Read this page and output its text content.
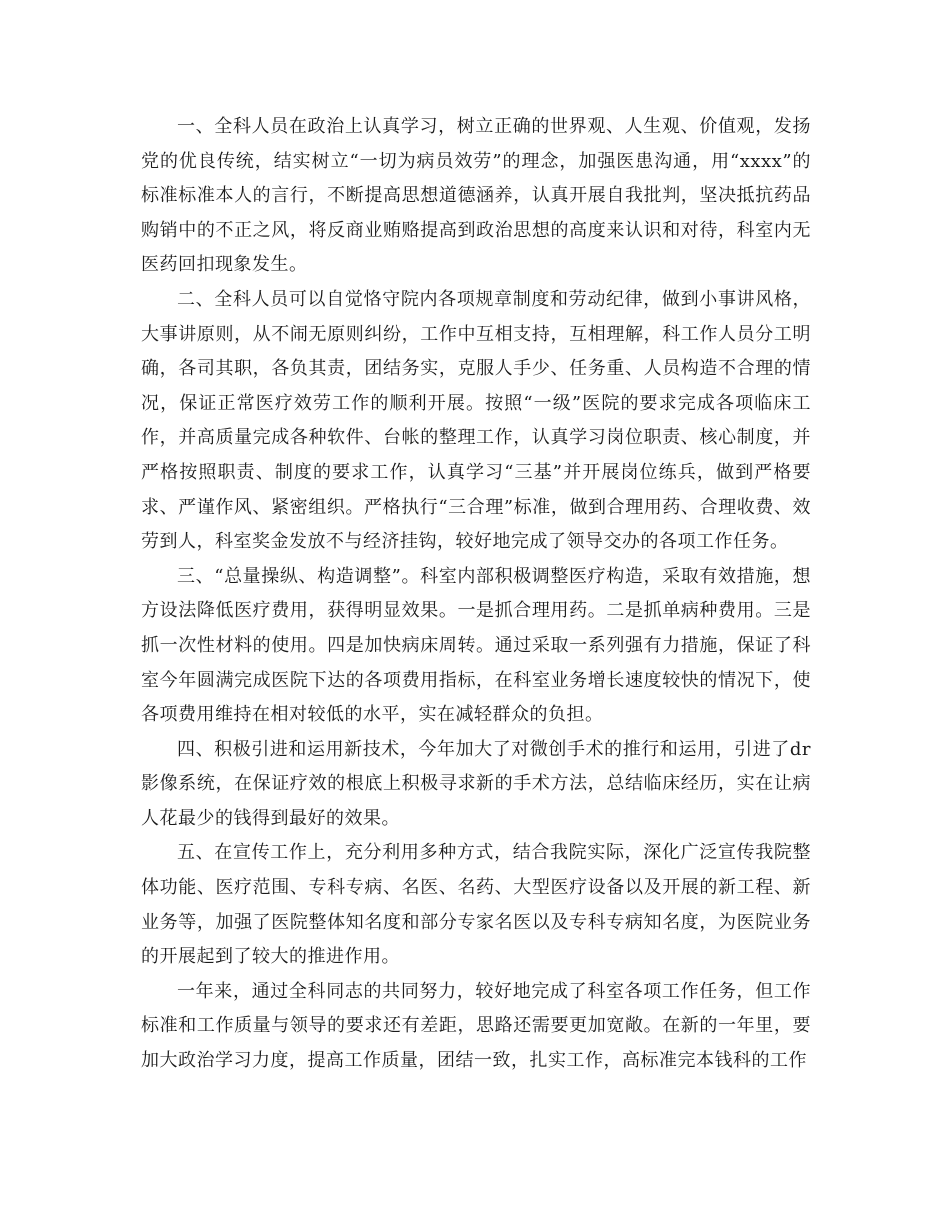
一、全科人员在政治上认真学习，树立正确的世界观、人生观、价值观，发扬党的优良传统，结实树立“一切为病员效劳”的理念，加强医患沟通，用“xxxx”的标准标准本人的言行，不断提高思想道德涵养，认真开展自我批判，坚决抵抗药品购销中的不正之风，将反商业贿赂提高到政治思想的高度来认识和对待，科室内无医药回扣现象发生。

二、全科人员可以自觉恪守院内各项规章制度和劳动纪律，做到小事讲风格，大事讲原则，从不闹无原则纠纷，工作中互相支持，互相理解，科工作人员分工明确，各司其职，各负其责，团结务实，克服人手少、任务重、人员构造不合理的情况，保证正常医疗效劳工作的顺利开展。按照“一级”医院的要求完成各项临床工作，并高质量完成各种软件、台帐的整理工作，认真学习岗位职责、核心制度，并严格按照职责、制度的要求工作，认真学习“三基”并开展岗位练兵，做到严格要求、严谨作风、紧密组织。严格执行“三合理”标准，做到合理用药、合理收费、效劳到人，科室奖金发放不与经济挂钩，较好地完成了领导交办的各项工作任务。

三、“总量操纵、构造调整”。科室内部积极调整医疗构造，采取有效措施，想方设法降低医疗费用，获得明显效果。一是抓合理用药。二是抓单病种费用。三是抓一次性材料的使用。四是加快病床周转。通过采取一系列强有力措施，保证了科室今年圆满完成医院下达的各项费用指标，在科室业务增长速度较快的情况下，使各项费用维持在相对较低的水平，实在减轻群众的负担。

四、积极引进和运用新技术，今年加大了对微创手术的推行和运用，引进了dr影像系统，在保证疗效的根底上积极寻求新的手术方法，总结临床经历，实在让病人花最少的钱得到最好的效果。

五、在宣传工作上，充分利用多种方式，结合我院实际，深化广泛宣传我院整体功能、医疗范围、专科专病、名医、名药、大型医疗设备以及开展的新工程、新业务等，加强了医院整体知名度和部分专家名医以及专科专病知名度，为医院业务的开展起到了较大的推进作用。

一年来，通过全科同志的共同努力，较好地完成了科室各项工作任务，但工作标准和工作质量与领导的要求还有差距，思路还需要更加宽敞。在新的一年里，要加大政治学习力度，提高工作质量，团结一致，扎实工作，高标准完本钱科的工作
